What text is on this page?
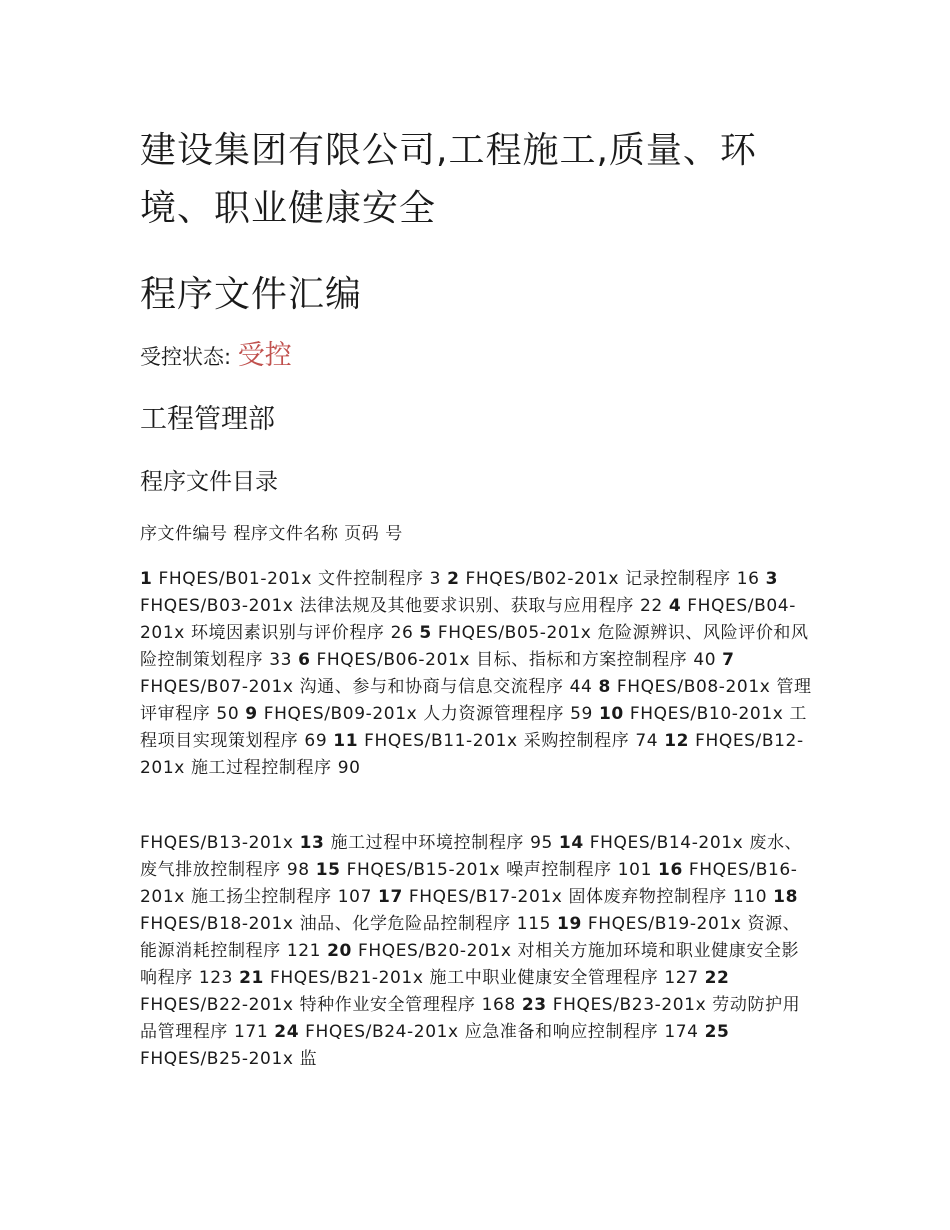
建设集团有限公司,工程施工,质量、环境、职业健康安全
程序文件汇编
受控状态: 受控
工程管理部
程序文件目录
序文件编号 程序文件名称 页码 号

1 FHQES/B01-201x 文件控制程序 3 2 FHQES/B02-201x 记录控制程序 16 3 FHQES/B03-201x 法律法规及其他要求识别、获取与应用程序 22 4 FHQES/B04-201x 环境因素识别与评价程序 26 5 FHQES/B05-201x 危险源辨识、风险评价和风险控制策划程序 33 6 FHQES/B06-201x 目标、指标和方案控制程序 40 7 FHQES/B07-201x 沟通、参与和协商与信息交流程序 44 8 FHQES/B08-201x 管理评审程序 50 9 FHQES/B09-201x 人力资源管理程序 59 10 FHQES/B10-201x 工程项目实现策划程序 69 11 FHQES/B11-201x 采购控制程序 74 12 FHQES/B12-201x 施工过程控制程序 90

FHQES/B13-201x 13 施工过程中环境控制程序 95 14 FHQES/B14-201x 废水、废气排放控制程序 98 15 FHQES/B15-201x 噪声控制程序 101 16 FHQES/B16-201x 施工扬尘控制程序 107 17 FHQES/B17-201x 固体废弃物控制程序 110 18 FHQES/B18-201x 油品、化学危险品控制程序 115 19 FHQES/B19-201x 资源、能源消耗控制程序 121 20 FHQES/B20-201x 对相关方施加环境和职业健康安全影响程序 123 21 FHQES/B21-201x 施工中职业健康安全管理程序 127 22 FHQES/B22-201x 特种作业安全管理程序 168 23 FHQES/B23-201x 劳动防护用品管理程序 171 24 FHQES/B24-201x 应急准备和响应控制程序 174 25 FHQES/B25-201x 监
